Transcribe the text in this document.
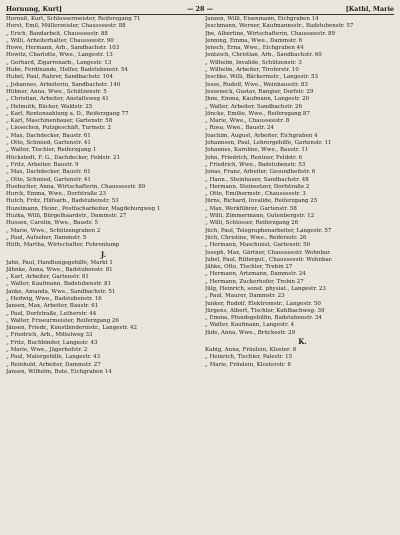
Hornung, Kurt]	— 28 —	[Kathl, Marie
Hornuß, Kurt, Schlossermeister, Reiferzgang 71
Horst, Emil, Müllerzeisler, Chausseestr. 88
„ Erich, Bandarbeit, Chausseestr. 88
„ Willi, Arbeiterhalter, Chausseestr. 90
Howe, Hermann, Arb., Sandbachstr. 103
Howitz, Charlotte, Wwe., Langestr. 13
„ Gerhard, Zigarrenarb., Langestr. 13
Hube, Ferdinande, Helfer, Badstubenstr. 54
Hubel, Paul, Rahrer, Sandbachstr. 104
„ Johannes, Arbeiterin, Sandbachstr. 140
Hübner, Anna, Wwe., Schützenstr. 5
„ Christian, Arbeiter, Anstaltsweg 41
„ Helmuth, Bäcker, Waldstr. 25
„ Karl, Rentenzahlung a. D., Reiferzgang 77
„ Karl, Maschinenbauer, Gartenstr. 58
„ Liesechen, Putzgeschäft, Turmstr. 2
„ Max, Dachdecker, Baustr. 61
„ Otto, Schmied, Gartenstr. 41
„ Walter, Tischler, Reiferzgang 1
Hückstedt, F. G., Dachdecker, Feldstr. 21
„ Fritz, Arbeiter, Baustr. 9
„ Max, Dachdecker, Baustr. 61
„ Otto, Schmied, Gartenstr. 41
Huebscher, Anna, Wirtschafterin, Chausseestr. 89
Hurck, Emma, Wwe., Dorfstraße 23
Hutch, Fritz, Hilfsarb., Badstubenstr. 53
Huzelmann, Heinr., Postfacharbeiter, Magdeburgweg 1
Huzka, Willi, Bürgelhaardstr., Dammstr. 27
Hussen, Carolin, Wwe., Baustr. 5
„ Marie, Wwe., Schützengraben 2
„ Paul, Aufseher, Dammstr. 5
Hüth, Martha, Wirtschafter, Fehrenlump
J.
Jahn, Paul, Handlungsgehilfe, Markt 1
Jähnke, Anna, Wwe., Badstubenstr. 81
„ Karl, Arbeiter, Gartenstr. 81
„ Walter, Kaufmann, Badstubenstr. 81
Janke, Amanda, Wwe., Sandbachstr. 51
„ Hedwig, Wwe., Badstubenstr. 16
Jansen, Max, Arbeiter, Baustr. 61
„ Paul, Dorfstraße, Lutherstr. 44
„ Walter, Friseurmeister, Reiferzgang 26
Jänsen, Friedr., Kunstbindermstr., Langestr. 42
„ Friedrich, Arb., Mittelweg 33
„ Fritz, Buchbinder, Langestr. 43
„ Marie, Wwe., Jägerhofstr. 2
„ Paul, Malergehilfe, Langestr. 43
„ Reinhold, Arbeiter, Dammstr. 27
Jansen, Wilhelm, Bote, Eichgraben 14
Janzen, Willi, Eisenmann, Eichgraben 14
Jeschmann, Werner, Kaufmannsstr., Badstubenstr. 57
Jbe, Albertine, Wirtschafterin, Chausseestr. 89
Jenning, Emma, Wwe., Dammstr. 6
Jensch, Erna, Wwe., Eichgraben 44
Jentzsch, Christian, Arb., Sandbachstr. 60
„ Wilhelm, Invalide, Schützenstr. 3
„ Wilhelm, Arbeiter, Tiroferstr. 10
Jeschke, Willi, Bäckermstr., Langestr. 53
Jesse, Rudolf, Wwe., Weinhausstr. 83
Jesseneck, Gustav, Rangier, Dorfstr. 29
Jhne, Emma, Kaufmann, Langestr. 20
„ Walter, Arbeiter, Sandbachstr. 26
Jöncke, Emilie, Wwe., Reiferzgang 87
„ Marie, Wwe., Chausseestr. 8
„ Rosa, Wwe., Baustr. 24
Joachim, August, Arbeiter, Eichgraben 4
Johannsen, Paul, Lehrergehilfe, Gartenstr. 11
Johannes, Karoline, Wwe., Baustr. 11
John, Friedrich, Rentner, Feldstr. 6
„ Friedrich, Wwe., Badstubenstr. 53
Jonas, Franz, Arbeiter, Gesundheitstr. 6
„ Hann., Steinhauer, Sandbachstr. 48
„ Hermann, Steinsetzer, Dorfstraße 2
„ Otto, Emilhermstr., Chausseestr. 3
Jürns, Richard, Invalide, Reiferzgang 25
„ Max, Werkführer, Gartenstr. 58
„ Willi, Zimmermann, Gutenbergstr. 12
„ Willi, Schlosser, Reiferzgang 26
Jüch, Paul, Telegraphenarbeiter, Langestr. 57
Jüch, Christine, Wwe., Reiferzstr. 26
„ Hermann, Maschinist, Gartenstr. 50
Joseph, Max, Gärtner, Chausseestr. Wohnbar.
Jubel, Paul, Rittergut., Chausseestr. Wohnbar.
Jähke, Otto, Tischler, Trebin 27
„ Hermann, Artzmann, Dammstr. 24
„ Hermann, Zuckerhofer, Trebin 27
Jülg, Heinrich, sonst. physiat., Langestr. 23
„ Paul, Maurer, Dammstr. 23
Junker, Rudolf, Elektromstr., Langestr. 50
Jürgens, Albert, Tischler, Kuhlbachweg. 39
„ Emma, Pfundsgehilfin, Badstubenstr. 34
„ Walter, Kaufmann, Langestr. 4
Jüde, Anna, Wwe., Brückestr. 29
K.
Kabig, Anna, Fräulein, Kloster. 8
„ Heinrich, Tischler, Palestr. 15
„ Marie, Fräulein, Klosterstr. 8
